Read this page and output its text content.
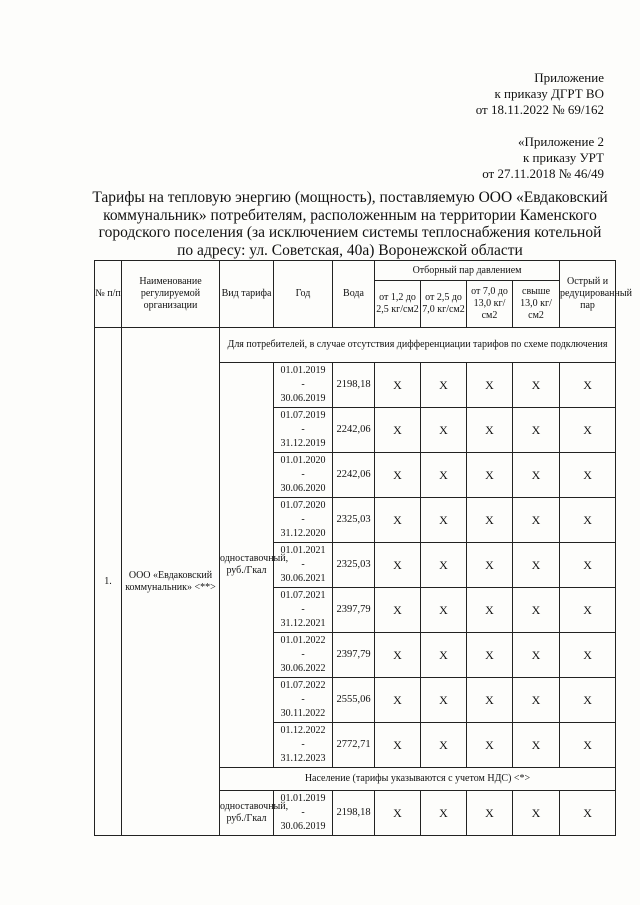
Приложение
к приказу ДГРТ ВО
от 18.11.2022 № 69/162
«Приложение 2
к приказу УРТ
от 27.11.2018 № 46/49
Тарифы на тепловую энергию (мощность), поставляемую ООО «Евдаковский коммунальник» потребителям, расположенным на территории Каменского городского поселения (за исключением системы теплоснабжения котельной по адресу: ул. Советская, 40а) Воронежской области
№ п/п	Наименование регулируемой организации	Вид тарифа	Год	Вода	Отборный пар давлением				Острый и редуцированный пар
					от 1,2 до 2,5 кг/см2	от 2,5 до 7,0 кг/см2	от 7,0 до 13,0 кг/см2	свыше 13,0 кг/см2	
1.	ООО «Евдаковский коммунальник» <**>	Для потребителей, в случае отсутствия дифференциации тарифов по схеме подключения							
		одноставочный, руб./Гкал	01.01.2019
-
30.06.2019	2198,18	X	X	X	X	X

			01.07.2019
-
31.12.2019	2242,06	X	X	X	X	X

			01.01.2020
-
30.06.2020	2242,06	X	X	X	X	X

			01.07.2020
-
31.12.2020	2325,03	X	X	X	X	X

			01.01.2021
-
30.06.2021	2325,03	X	X	X	X	X

			01.07.2021
-
31.12.2021	2397,79	X	X	X	X	X

			01.01.2022
-
30.06.2022	2397,79	X	X	X	X	X

			01.07.2022
-
30.11.2022	2555,06	X	X	X	X	X

			01.12.2022
-
31.12.2023	2772,71	X	X	X	X	X
		Население (тарифы указываются с учетом НДС) <*>							
		одноставочный, руб./Гкал	01.01.2019
-
30.06.2019	2198,18	X	X	X	X	X
